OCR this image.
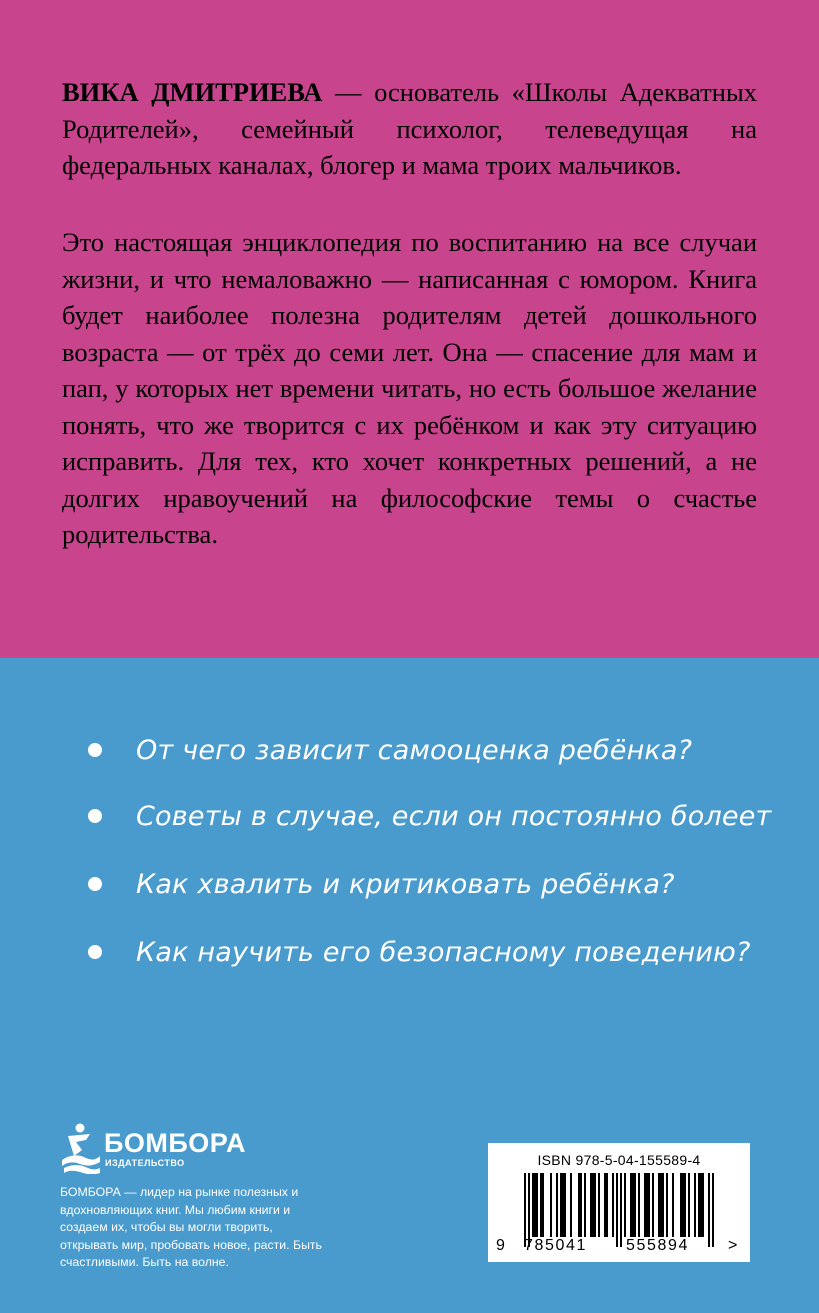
ВИКА ДМИТРИЕВА — основатель «Школы Адекватных Родителей», семейный психолог, телеведущая на федеральных каналах, блогер и мама троих мальчиков.

Это настоящая энциклопедия по воспитанию на все случаи жизни, и что немаловажно — написанная с юмором. Книга будет наиболее полезна родителям детей дошкольного возраста — от трёх до семи лет. Она — спасение для мам и пап, у которых нет времени читать, но есть большое желание понять, что же творится с их ребёнком и как эту ситуацию исправить. Для тех, кто хочет конкретных решений, а не долгих нравоучений на философские темы о счастье родительства.

От чего зависит самооценка ребёнка?
Советы в случае, если он постоянно болеет
Как хвалить и критиковать ребёнка?
Как научить его безопасному поведению?
БОМБОРА
ИЗДАТЕЛЬСТВО

БОМБОРА — лидер на рынке полезных и вдохновляющих книг. Мы любим книги и создаем их, чтобы вы могли творить, открывать мир, пробовать новое, расти. Быть счастливыми. Быть на волне.

ISBN 978-5-04-155589-4
9 785041 555894 >
